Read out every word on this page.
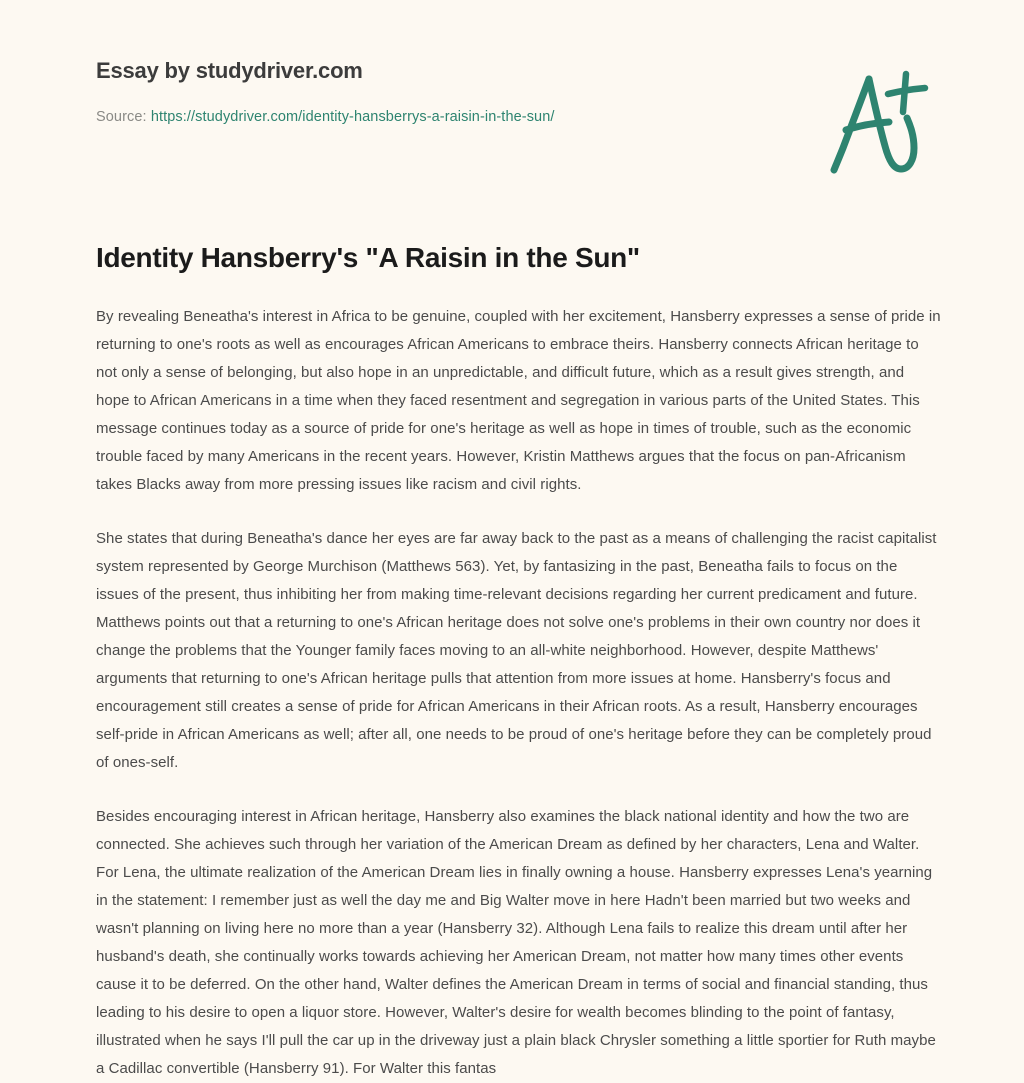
Essay by studydriver.com
Source: https://studydriver.com/identity-hansberrys-a-raisin-in-the-sun/
Identity Hansberry's "A Raisin in the Sun"

By revealing Beneatha's interest in Africa to be genuine, coupled with her excitement, Hansberry expresses a sense of pride in returning to one's roots as well as encourages African Americans to embrace theirs. Hansberry connects African heritage to not only a sense of belonging, but also hope in an unpredictable, and difficult future, which as a result gives strength, and hope to African Americans in a time when they faced resentment and segregation in various parts of the United States. This message continues today as a source of pride for one's heritage as well as hope in times of trouble, such as the economic trouble faced by many Americans in the recent years. However, Kristin Matthews argues that the focus on pan-Africanism takes Blacks away from more pressing issues like racism and civil rights.

She states that during Beneatha's dance her eyes are far away back to the past as a means of challenging the racist capitalist system represented by George Murchison (Matthews 563). Yet, by fantasizing in the past, Beneatha fails to focus on the issues of the present, thus inhibiting her from making time-relevant decisions regarding her current predicament and future. Matthews points out that a returning to one's African heritage does not solve one's problems in their own country nor does it change the problems that the Younger family faces moving to an all-white neighborhood. However, despite Matthews' arguments that returning to one's African heritage pulls that attention from more issues at home. Hansberry's focus and encouragement still creates a sense of pride for African Americans in their African roots. As a result, Hansberry encourages self-pride in African Americans as well; after all, one needs to be proud of one's heritage before they can be completely proud of ones-self.

Besides encouraging interest in African heritage, Hansberry also examines the black national identity and how the two are connected. She achieves such through her variation of the American Dream as defined by her characters, Lena and Walter. For Lena, the ultimate realization of the American Dream lies in finally owning a house. Hansberry expresses Lena's yearning in the statement: I remember just as well the day me and Big Walter move in here Hadn't been married but two weeks and wasn't planning on living here no more than a year (Hansberry 32). Although Lena fails to realize this dream until after her husband's death, she continually works towards achieving her American Dream, not matter how many times other events cause it to be deferred. On the other hand, Walter defines the American Dream in terms of social and financial standing, thus leading to his desire to open a liquor store. However, Walter's desire for wealth becomes blinding to the point of fantasy, illustrated when he says I'll pull the car up in the driveway just a plain black Chrysler something a little sportier for Ruth maybe a Cadillac convertible (Hansberry 91). For Walter this fantas
